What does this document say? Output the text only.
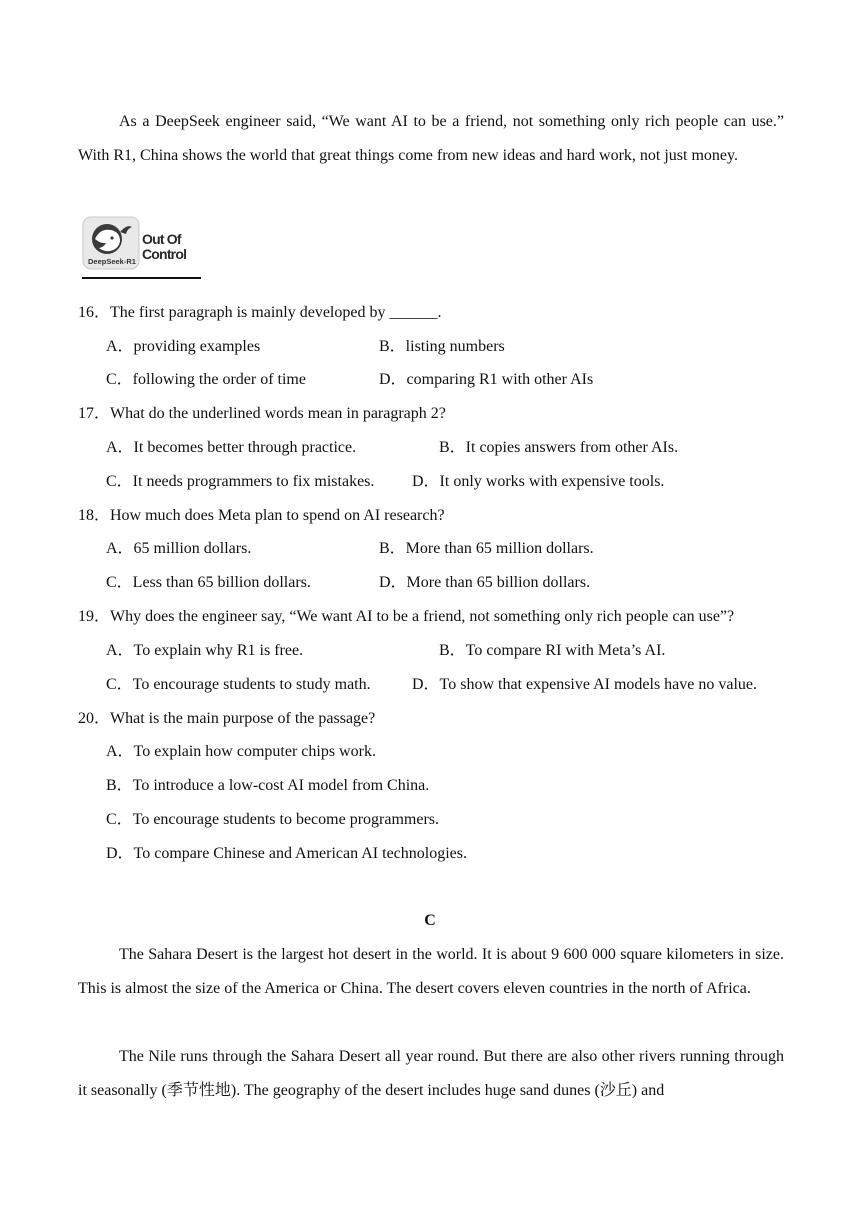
As a DeepSeek engineer said, “We want AI to be a friend, not something only rich people can use.” With R1, China shows the world that great things come from new ideas and hard work, not just money.

DeepSeek-R1
Out Of
Control
16．The first paragraph is mainly developed by ______.
A．providing examples	B．listing numbers
C．following the order of time	D．comparing R1 with other AIs
17．What do the underlined words mean in paragraph 2?
A．It becomes better through practice.	B．It copies answers from other AIs.
C．It needs programmers to fix mistakes. D．It only works with expensive tools.
18．How much does Meta plan to spend on AI research?
A．65 million dollars.	B．More than 65 million dollars.
C．Less than 65 billion dollars.	D．More than 65 billion dollars.
19．Why does the engineer say, “We want AI to be a friend, not something only rich people can use”?
A．To explain why R1 is free.	B．To compare RI with Meta’s AI.
C．To encourage students to study math.	D．To show that expensive AI models have no value.
20．What is the main purpose of the passage?
A．To explain how computer chips work.
B．To introduce a low-cost AI model from China.
C．To encourage students to become programmers.
D．To compare Chinese and American AI technologies.
C

The Sahara Desert is the largest hot desert in the world. It is about 9 600 000 square kilometers in size. This is almost the size of the America or China. The desert covers eleven countries in the north of Africa.

The Nile runs through the Sahara Desert all year round. But there are also other rivers running through it seasonally (季节性地). The geography of the desert includes huge sand dunes (沙丘) and
